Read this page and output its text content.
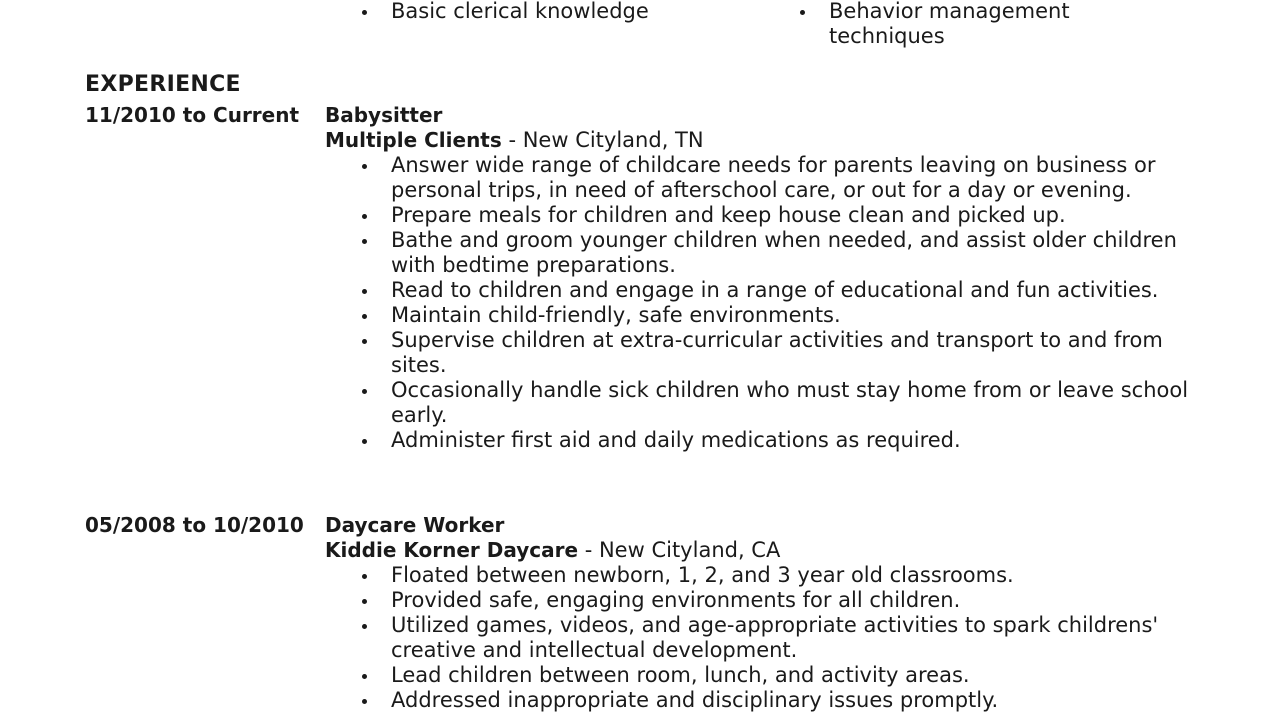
Basic clerical knowledge	Behavior management techniques
EXPERIENCE
11/2010 to Current Babysitter
Multiple Clients - New Cityland, TN
Answer wide range of childcare needs for parents leaving on business or personal trips, in need of afterschool care, or out for a day or evening.
Prepare meals for children and keep house clean and picked up.
Bathe and groom younger children when needed, and assist older children with bedtime preparations.
Read to children and engage in a range of educational and fun activities.
Maintain child-friendly, safe environments.
Supervise children at extra-curricular activities and transport to and from sites.
Occasionally handle sick children who must stay home from or leave school early.
Administer first aid and daily medications as required.
05/2008 to 10/2010 Daycare Worker
Kiddie Korner Daycare - New Cityland, CA
Floated between newborn, 1, 2, and 3 year old classrooms.
Provided safe, engaging environments for all children.
Utilized games, videos, and age-appropriate activities to spark childrens' creative and intellectual development.
Lead children between room, lunch, and activity areas.
Addressed inappropriate and disciplinary issues promptly.
